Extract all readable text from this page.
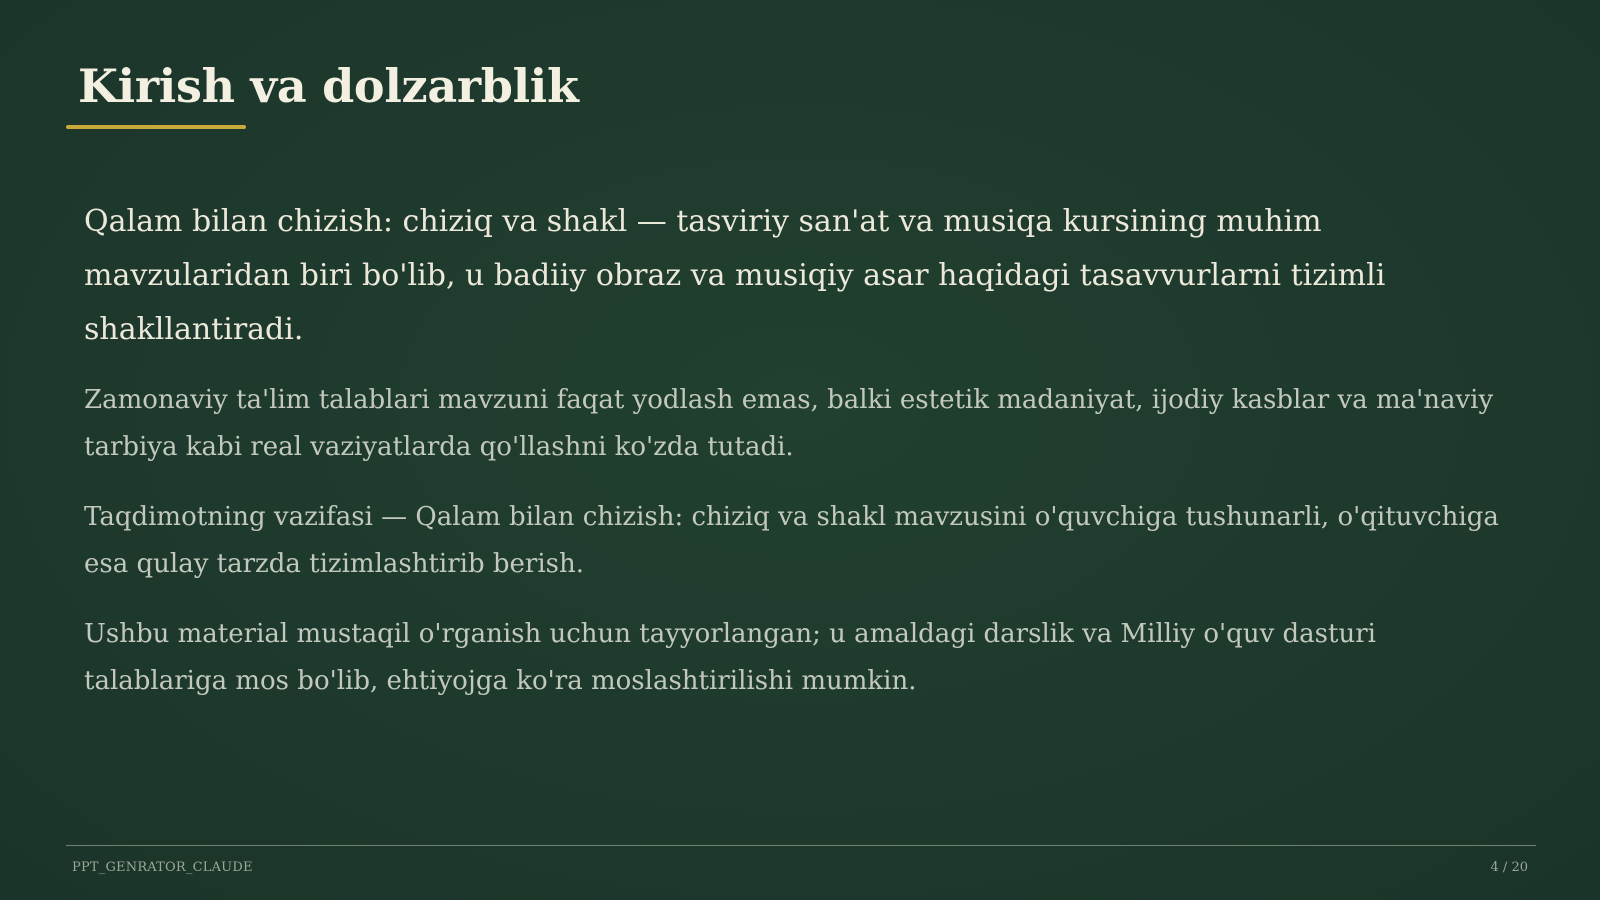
Kirish va dolzarblik

Qalam bilan chizish: chiziq va shakl — tasviriy san'at va musiqa kursining muhim mavzularidan biri bo'lib, u badiiy obraz va musiqiy asar haqidagi tasavvurlarni tizimli shakllantiradi.

Zamonaviy ta'lim talablari mavzuni faqat yodlash emas, balki estetik madaniyat, ijodiy kasblar va ma'naviy tarbiya kabi real vaziyatlarda qo'llashni ko'zda tutadi.

Taqdimotning vazifasi — Qalam bilan chizish: chiziq va shakl mavzusini o'quvchiga tushunarli, o'qituvchiga esa qulay tarzda tizimlashtirib berish.

Ushbu material mustaqil o'rganish uchun tayyorlangan; u amaldagi darslik va Milliy o'quv dasturi talablariga mos bo'lib, ehtiyojga ko'ra moslashtirilishi mumkin.

PPT_GENRATOR_CLAUDE	4 / 20
